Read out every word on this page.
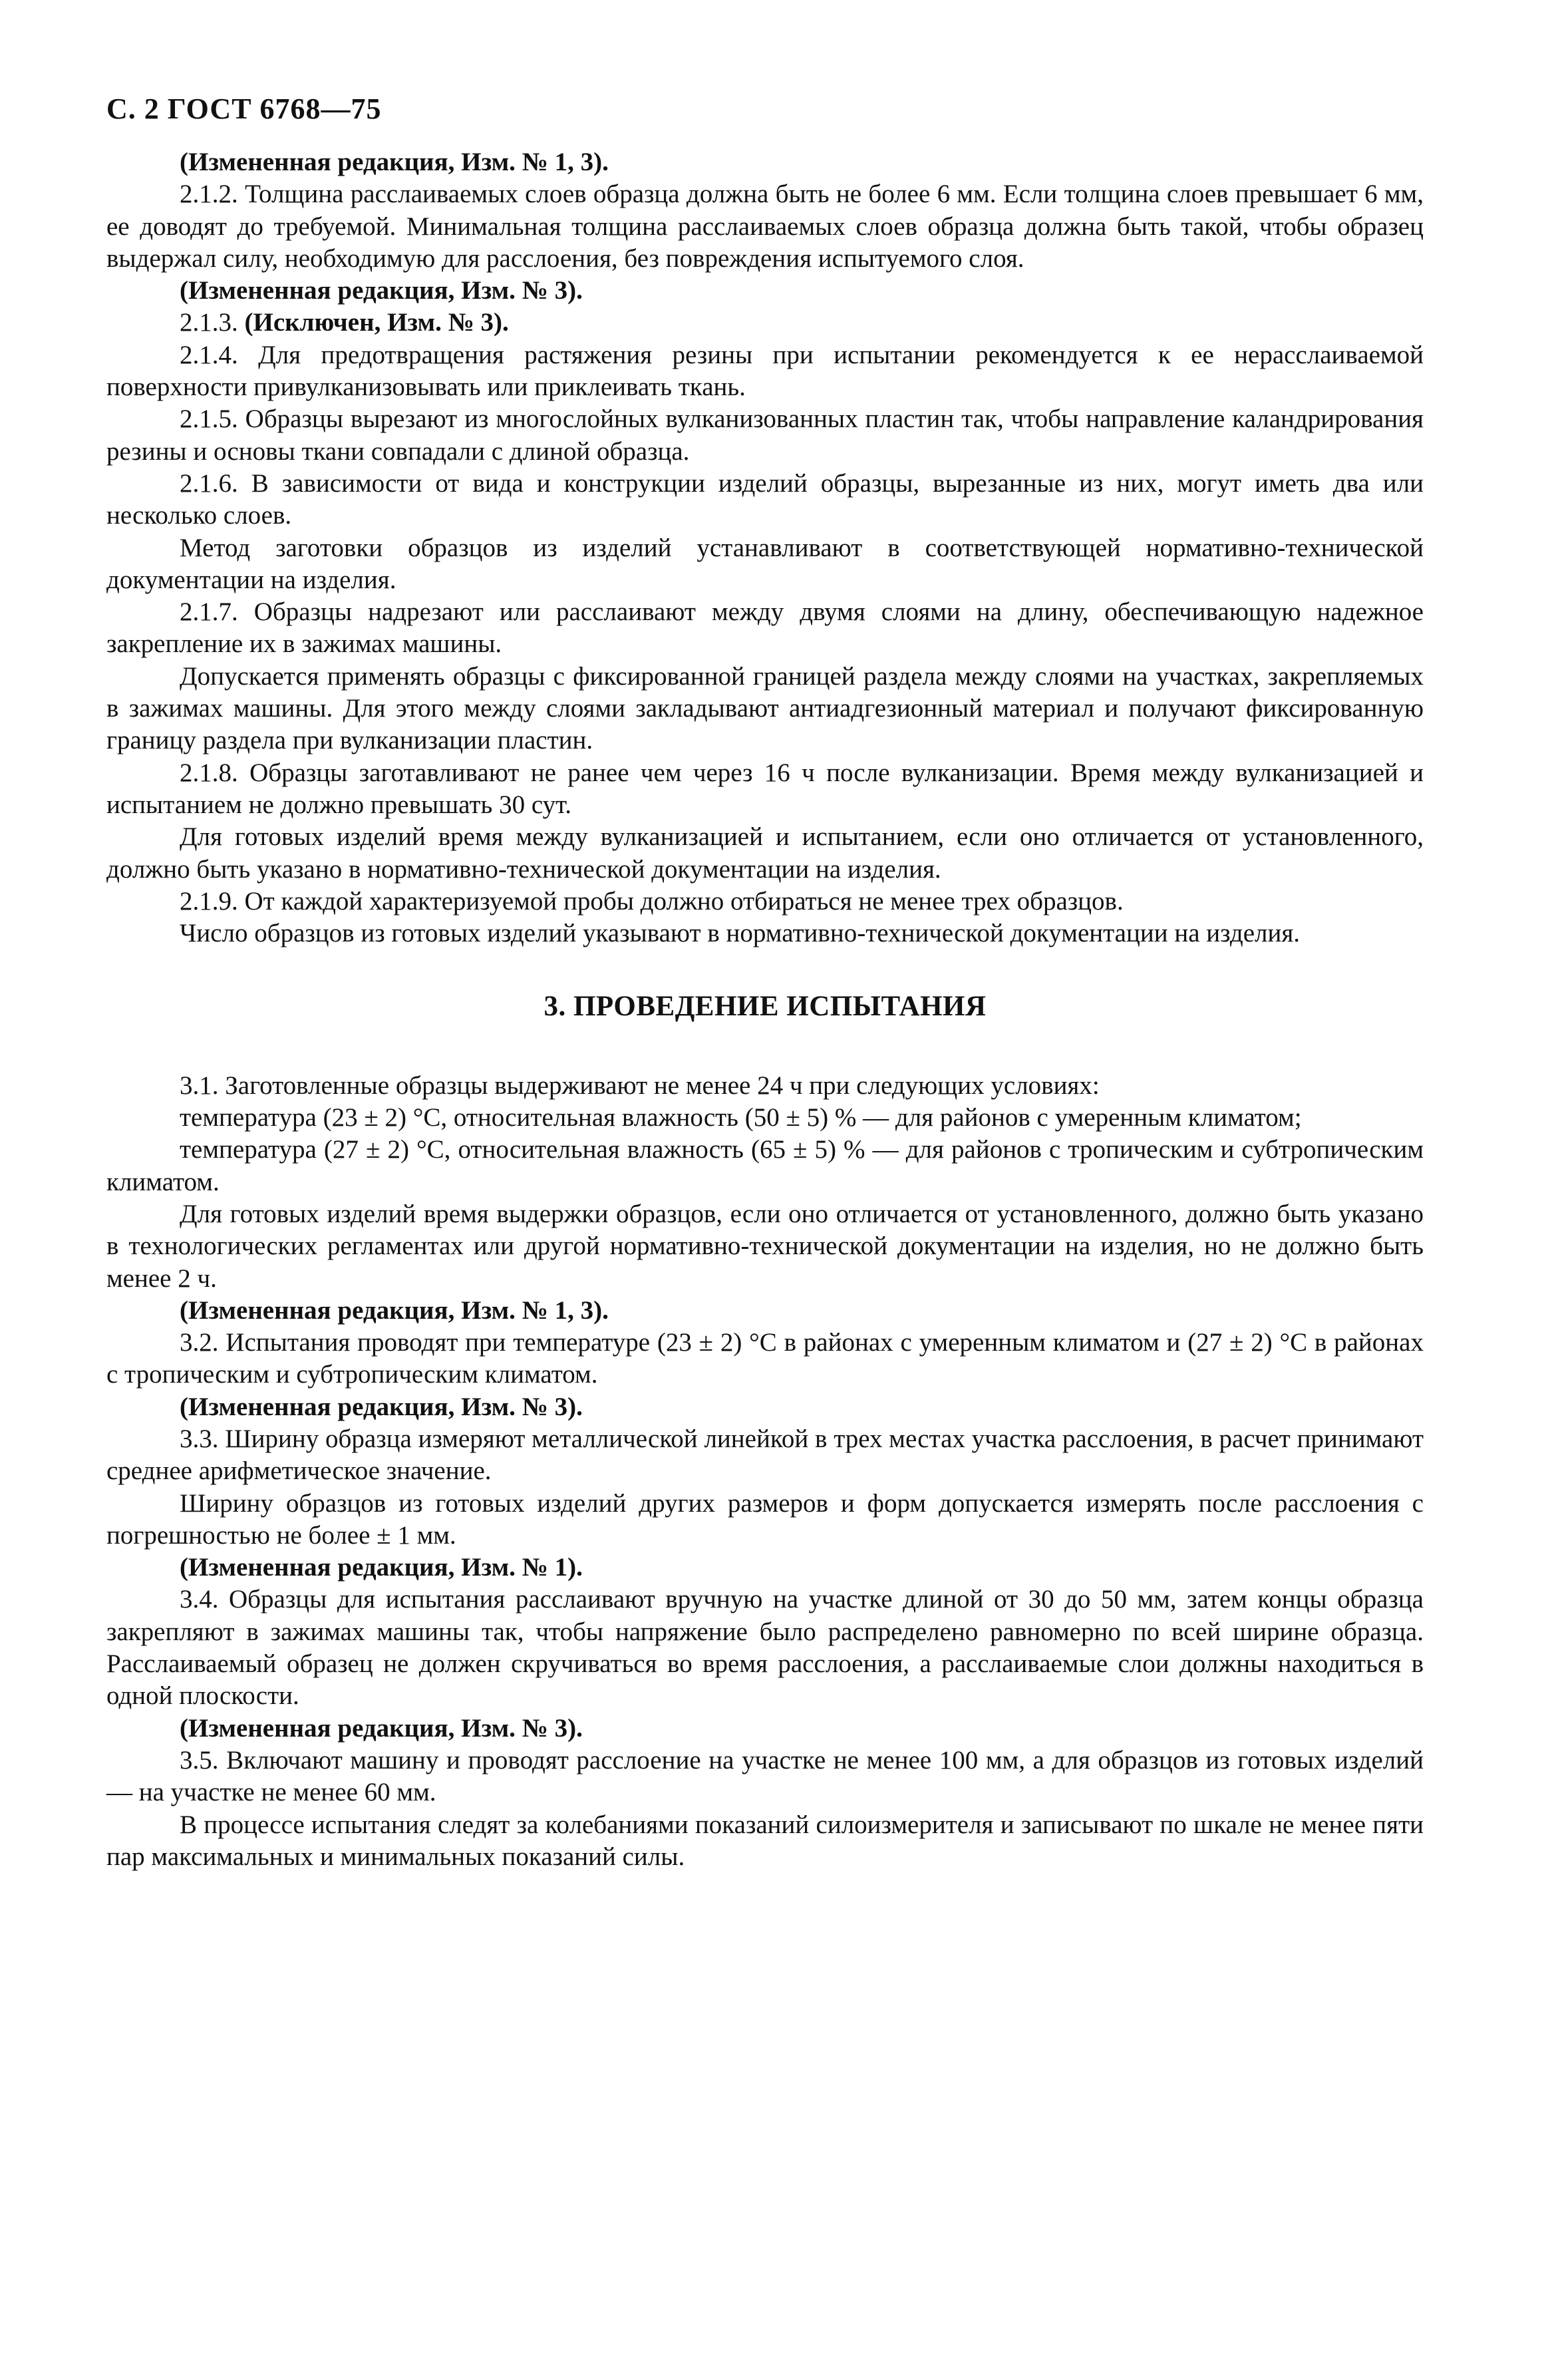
С. 2 ГОСТ 6768—75

(Измененная редакция, Изм. № 1, 3).

2.1.2. Толщина расслаиваемых слоев образца должна быть не более 6 мм. Если толщина слоев превышает 6 мм, ее доводят до требуемой. Минимальная толщина расслаиваемых слоев образца должна быть такой, чтобы образец выдержал силу, необходимую для расслоения, без повреждения испытуемого слоя.

(Измененная редакция, Изм. № 3).

2.1.3. (Исключен, Изм. № 3).

2.1.4. Для предотвращения растяжения резины при испытании рекомендуется к ее нерасслаиваемой поверхности привулканизовывать или приклеивать ткань.

2.1.5. Образцы вырезают из многослойных вулканизованных пластин так, чтобы направление каландрирования резины и основы ткани совпадали с длиной образца.

2.1.6. В зависимости от вида и конструкции изделий образцы, вырезанные из них, могут иметь два или несколько слоев.

Метод заготовки образцов из изделий устанавливают в соответствующей нормативно-технической документации на изделия.

2.1.7. Образцы надрезают или расслаивают между двумя слоями на длину, обеспечивающую надежное закрепление их в зажимах машины.

Допускается применять образцы с фиксированной границей раздела между слоями на участках, закрепляемых в зажимах машины. Для этого между слоями закладывают антиадгезионный материал и получают фиксированную границу раздела при вулканизации пластин.

2.1.8. Образцы заготавливают не ранее чем через 16 ч после вулканизации. Время между вулканизацией и испытанием не должно превышать 30 сут.

Для готовых изделий время между вулканизацией и испытанием, если оно отличается от установленного, должно быть указано в нормативно-технической документации на изделия.

2.1.9. От каждой характеризуемой пробы должно отбираться не менее трех образцов.

Число образцов из готовых изделий указывают в нормативно-технической документации на изделия.

3. ПРОВЕДЕНИЕ ИСПЫТАНИЯ

3.1. Заготовленные образцы выдерживают не менее 24 ч при следующих условиях:

температура (23 ± 2) °С, относительная влажность (50 ± 5) % — для районов с умеренным климатом;

температура (27 ± 2) °С, относительная влажность (65 ± 5) % — для районов с тропическим и субтропическим климатом.

Для готовых изделий время выдержки образцов, если оно отличается от установленного, должно быть указано в технологических регламентах или другой нормативно-технической документации на изделия, но не должно быть менее 2 ч.

(Измененная редакция, Изм. № 1, 3).

3.2. Испытания проводят при температуре (23 ± 2) °С в районах с умеренным климатом и (27 ± 2) °С в районах с тропическим и субтропическим климатом.

(Измененная редакция, Изм. № 3).

3.3. Ширину образца измеряют металлической линейкой в трех местах участка расслоения, в расчет принимают среднее арифметическое значение.

Ширину образцов из готовых изделий других размеров и форм допускается измерять после расслоения с погрешностью не более ± 1 мм.

(Измененная редакция, Изм. № 1).

3.4. Образцы для испытания расслаивают вручную на участке длиной от 30 до 50 мм, затем концы образца закрепляют в зажимах машины так, чтобы напряжение было распределено равномерно по всей ширине образца. Расслаиваемый образец не должен скручиваться во время расслоения, а расслаиваемые слои должны находиться в одной плоскости.

(Измененная редакция, Изм. № 3).

3.5. Включают машину и проводят расслоение на участке не менее 100 мм, а для образцов из готовых изделий — на участке не менее 60 мм.

В процессе испытания следят за колебаниями показаний силоизмерителя и записывают по шкале не менее пяти пар максимальных и минимальных показаний силы.
